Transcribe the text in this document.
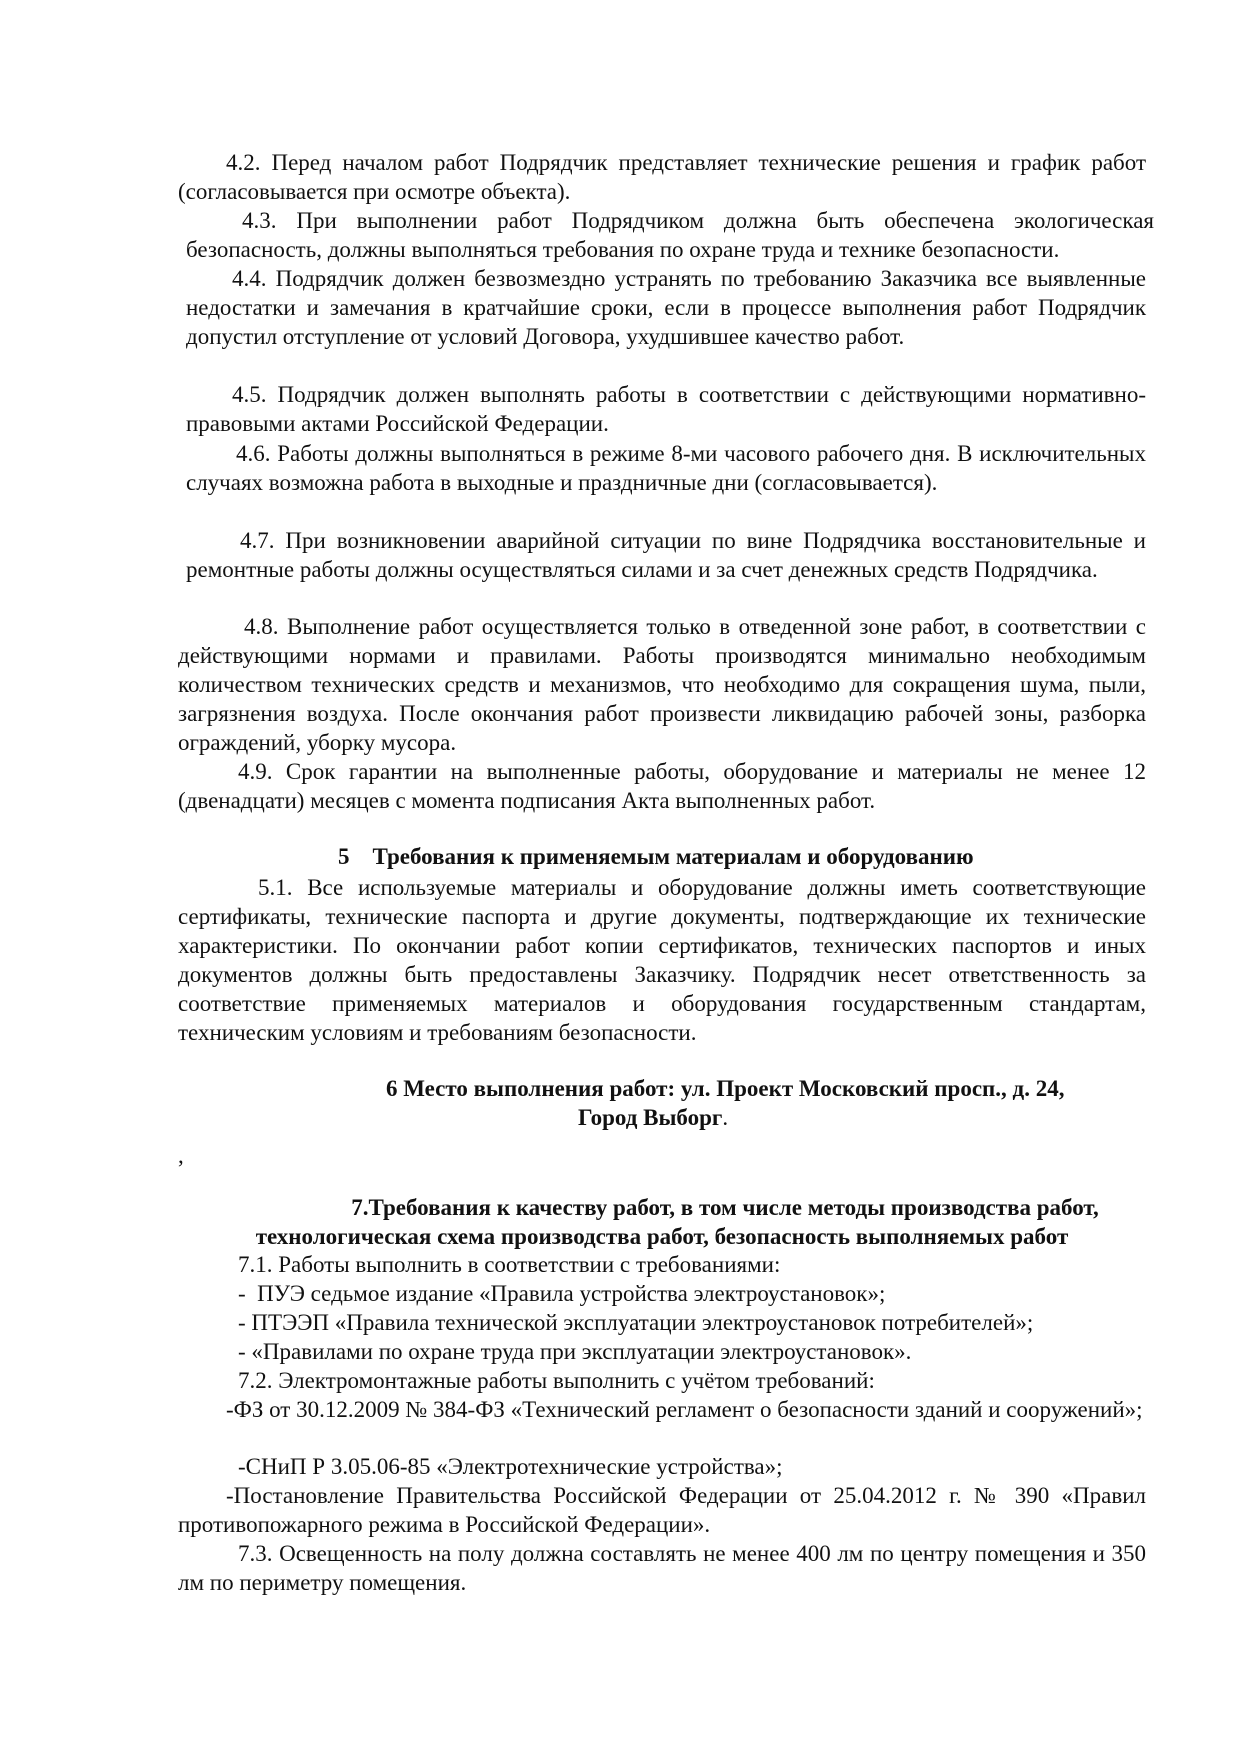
4.2. Перед началом работ Подрядчик представляет технические решения и график работ (согласовывается при осмотре объекта).

4.3. При выполнении работ Подрядчиком должна быть обеспечена экологическая безопасность, должны выполняться требования по охране труда и технике безопасности.

4.4. Подрядчик должен безвозмездно устранять по требованию Заказчика все выявленные недостатки и замечания в кратчайшие сроки, если в процессе выполнения работ Подрядчик допустил отступление от условий Договора, ухудшившее качество работ.

4.5. Подрядчик должен выполнять работы в соответствии с действующими нормативно-правовыми актами Российской Федерации.

4.6. Работы должны выполняться в режиме 8-ми часового рабочего дня. В исключительных случаях возможна работа в выходные и праздничные дни (согласовывается).

4.7. При возникновении аварийной ситуации по вине Подрядчика восстановительные и ремонтные работы должны осуществляться силами и за счет денежных средств Подрядчика.

4.8. Выполнение работ осуществляется только в отведенной зоне работ, в соответствии с действующими нормами и правилами. Работы производятся минимально необходимым количеством технических средств и механизмов, что необходимо для сокращения шума, пыли, загрязнения воздуха. После окончания работ произвести ликвидацию рабочей зоны, разборка ограждений, уборку мусора.

4.9. Срок гарантии на выполненные работы, оборудование и материалы не менее 12 (двенадцати) месяцев с момента подписания Акта выполненных работ.

5    Требования к применяемым материалам и оборудованию

5.1. Все используемые материалы и оборудование должны иметь соответствующие сертификаты, технические паспорта и другие документы, подтверждающие их технические характеристики. По окончании работ копии сертификатов, технических паспортов и иных документов должны быть предоставлены Заказчику. Подрядчик несет ответственность за соответствие применяемых материалов и оборудования государственным стандартам, техническим условиям и требованиям безопасности.

6 Место выполнения работ: ул. Проект Московский просп., д. 24,

Город Выборг.

,

7.Требования к качеству работ, в том числе методы производства работ,

технологическая схема производства работ, безопасность выполняемых работ

7.1. Работы выполнить в соответствии с требованиями:

-  ПУЭ седьмое издание «Правила устройства электроустановок»;

- ПТЭЭП «Правила технической эксплуатации электроустановок потребителей»;

- «Правилами по охране труда при эксплуатации электроустановок».

7.2. Электромонтажные работы выполнить с учётом требований:

-ФЗ от 30.12.2009 № 384-ФЗ «Технический регламент о безопасности зданий и сооружений»;

-СНиП Р 3.05.06-85 «Электротехнические устройства»;

-Постановление Правительства Российской Федерации от 25.04.2012 г. № 390 «Правил противопожарного режима в Российской Федерации».

7.3. Освещенность на полу должна составлять не менее 400 лм по центру помещения и 350 лм по периметру помещения.
